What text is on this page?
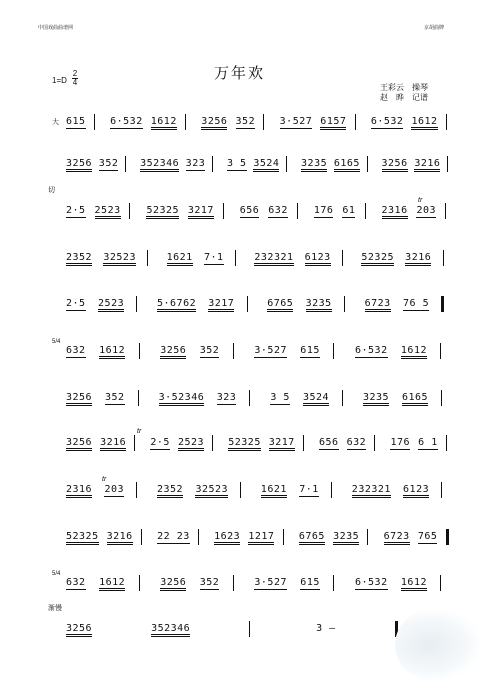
中国戏曲曲谱网	京胡曲牌
万年欢
1=D
2
4
王彩云　操琴
赵　晔　记谱
大 615 6·532 1612 3256 352 3·527 6157 6·532 1612
3256 352 352346 323 3 5 3524 3235 6165 3256 3216
切
2·5 2523	52325 3217	656 632	176 61	2316 203
2352 32523	1621 7·1	232321 6123	52325 3216
2·5 2523	5·6762 3217	6765 3235	6723 76 5
5/4
632 1612	3256 352	3·527 615	6·532 1612
3256 352	3·52346 323	3 5 3524	3235 6165
3256 3216 2·5 2523 52325 3217 656 632 176 6 1
2316 203	2352 32523	1621 7·1	232321 6123
52325 3216 22 23 1623 1217 6765 3235 6723 765
5/4
632 1612	3256 352	3·527 615	6·532 1612
渐慢
3256	352346	3 –
tr
tr
tr
